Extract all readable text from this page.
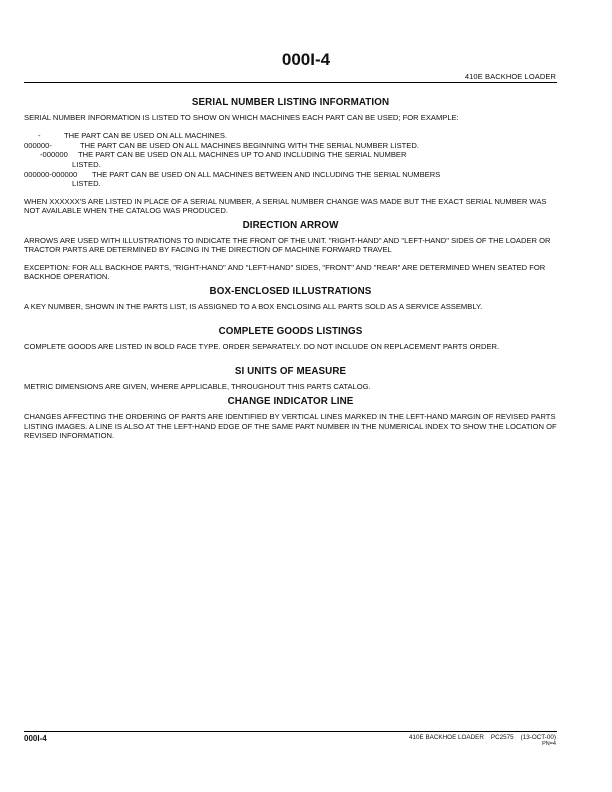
000I-4
410E BACKHOE LOADER
SERIAL NUMBER LISTING INFORMATION

SERIAL NUMBER INFORMATION IS LISTED TO SHOW ON WHICH MACHINES EACH PART CAN BE USED; FOR EXAMPLE:

-	THE PART CAN BE USED ON ALL MACHINES.
000000-	THE PART CAN BE USED ON ALL MACHINES BEGINNING WITH THE SERIAL NUMBER LISTED.
-000000	THE PART CAN BE USED ON ALL MACHINES UP TO AND INCLUDING THE SERIAL NUMBER
LISTED.
000000-000000	THE PART CAN BE USED ON ALL MACHINES BETWEEN AND INCLUDING THE SERIAL NUMBERS
LISTED.

WHEN XXXXXX'S ARE LISTED IN PLACE OF A SERIAL NUMBER, A SERIAL NUMBER CHANGE WAS MADE BUT THE EXACT SERIAL NUMBER WAS NOT AVAILABLE WHEN THE CATALOG WAS PRODUCED.

DIRECTION ARROW

ARROWS ARE USED WITH ILLUSTRATIONS TO INDICATE THE FRONT OF THE UNIT. "RIGHT-HAND" AND "LEFT-HAND" SIDES OF THE LOADER OR TRACTOR PARTS ARE DETERMINED BY FACING IN THE DIRECTION OF MACHINE FORWARD TRAVEL

EXCEPTION: FOR ALL BACKHOE PARTS, "RIGHT-HAND" AND "LEFT-HAND" SIDES, "FRONT" AND "REAR" ARE DETERMINED WHEN SEATED FOR BACKHOE OPERATION.

BOX-ENCLOSED ILLUSTRATIONS

A KEY NUMBER, SHOWN IN THE PARTS LIST, IS ASSIGNED TO A BOX ENCLOSING ALL PARTS SOLD AS A SERVICE ASSEMBLY.

COMPLETE GOODS LISTINGS

COMPLETE GOODS ARE LISTED IN BOLD FACE TYPE. ORDER SEPARATELY. DO NOT INCLUDE ON REPLACEMENT PARTS ORDER.

SI UNITS OF MEASURE

METRIC DIMENSIONS ARE GIVEN, WHERE APPLICABLE, THROUGHOUT THIS PARTS CATALOG.

CHANGE INDICATOR LINE

CHANGES AFFECTING THE ORDERING OF PARTS ARE IDENTIFIED BY VERTICAL LINES MARKED IN THE LEFT-HAND MARGIN OF REVISED PARTS LISTING IMAGES. A LINE IS ALSO AT THE LEFT-HAND EDGE OF THE SAME PART NUMBER IN THE NUMERICAL INDEX TO SHOW THE LOCATION OF REVISED INFORMATION.

000I-4	410E BACKHOE LOADER    PC2575    (13-OCT-00)
PN=4
